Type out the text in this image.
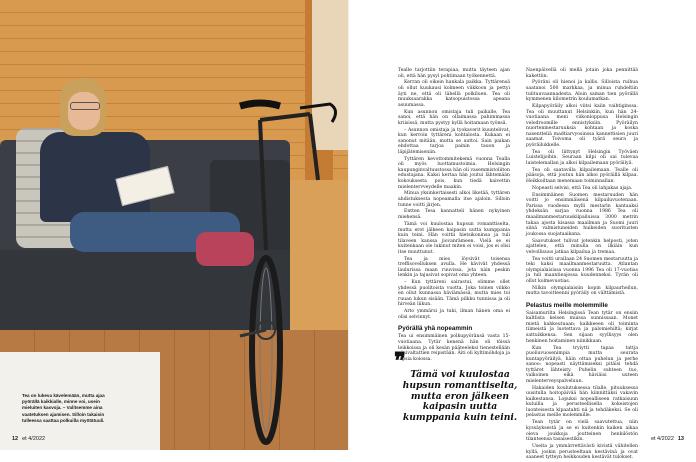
Tea on lukeva kävelemään, mutta ajaa pyörällä kaikkialle, minne voi, usein mieluiten kasvoja. – Valitsemme aina vaatetuksen ajamisen. Silloin takaisin tulleessa saattaa polkuilla myötätuuli.
12 et 4/2022

Tealle tarjottiin terapiaa, mutta täyteen ajan oli, että hän pysyi pohtimaan työkennettä.

Kerran oli oikein hankala paikka. Tyttärensä oli ollut kuukausi kolmeen viikkoon ja pettyi äyti ne, että oli lähellä polkiluen. Tea oli muuksaarakka katsopuistossa apeana asuumassa.

Kun asunnon omistaja tuli paikalle, Tea sanoi, että hän on ollaimassa pahimmassa kriisissä, mutta pystyy kyllä hoitamaan työnsä.

– Asunnon omistaja ja tyokaverit kuuntelivat, kun kerroin tyttäreni kohtalosta. Kukaan ei sanonut mitään, mutta se auttoi. Sain paikan ehdottaa tarjoa painin tauon ja läpijätemiseniin.

Tyttären kevottommitekemä vuonna Tealla oli myös luottamustoimia. Helsingin kaupunginvaltuustossa hän oli vasemmistoliiton edustajana. Kaksi kertaa hän joutui lähtemään kokouksesta pois, kun tiedä kaivettin mielentervveydelle maakin.

Minua yksinkertaisesti alkoi liketää, tyttären ahdistuksesta nopeamalla itse ajaloin. Silloin tunne voitti järjen.

Entten Tesa kannatteli hänen nykyinen miehensä.

Tämä voi kuulostaa hupsun romanttiselta, mutta erot jälkeen kaipasin uutta kumppania kuin teini. Hän voittii hietsikoninsa ja tuli tilaveen kanssa jiovanrämeen. Vielä se ei kuitenkaan ole lukinut miten ei voisi, jos ei olisi itse muuttunut.

Tea ja mies löysivät toisensa treffisovelluksen avulla. He kävivät yhdessä laulurissa maan ruuvissa, jota näin peskin lenkin ja tajusivat sopivat oma yhteen.

– Kun tyttäreni sairastui, olimme ollet yhdessä puolitoista vuotta. Joka toinen viikko en ollut kunnassa häviämässä, mutta mies toi ruuan lukun sisään. Tämä pilkku tunnissa ja oli hirveän liikun.

Arto ymmärsi ja tuki, ilman hänen oma ei olisi selvinnyt.

Pyörällä yhä nopeammin

Tea ui ensimmäinen polkupyöränsä vasta 15-vuotiaana. Tytär kenenä hän oli töissä leikkoissa ja oli kesän pääteeleksi tienestellään viisivaltattien reipistään. Äiti oli kyltimöhdoja ja lapsia koiossa.

Naenpäivellä oli mellä jotain joka pennittää kakettiin.

Pyöräni oli hienoi ja kallis. Silloista ruihua saatanoi 500 markkaa, ja minua ruhdeltiin tulituuvaannadesta. Aloin saman tien pyörällä kymmenen kilometrin koulumatkan.

Kilpapyöräily alkoi viitsi kaiin vaihtiginssa. Tea oli muuttanut Helsinkiin, kun hän 24-vuotiaana meni viikonloppusa Helsingin velodroomille ennistyksiin. Pyöräilyn nuortenmestaruuksia kohtaan ja koska nasentteliä madtiarvyosinssa kannettisien juuri saamat. Toivoma oli tyärä seura ja pyöräilukkelle.

Tea oli liittynyt Helsingin Työväen Luistelijoihin. Seuraan kilpi oli sai tulevaa luistelemallan ja alkoi kilpailemaan pyöräilyä.

Tea oli saatavilla kilpailemaan. Tealle oli pääsoja, että joutuu hän alkoi pyöräillä kilpaa. Heikkoiltaan menemaan toiminnallan.

Nopeasti selvisi, että Tea oli lahjakas ajaja.

Ensimmäinen Suomen mestaruuden hän voitti jo ensimmäisenä kilpailuvuotenaan. Parissa vuodessa mylli mestarin kantaaksi yhdeksän sarjaa vuonna 1986 Tea oli maailmanmestaruuskilpailuissa 3000 metrin takaa ajosta kisassa maailman ja Suomi juuri siinä valmistuneiden huikeiden suoritusten joukossa suojataaikana.

Saavutukset tulivat jotenkin helposti, joten ajattelen, että minulla on ilkiäin kun velvollisuus jatkaa kilpailua ja tremaa.

Tea voitti uraiIaan 24 Suomen mestaruutta ja teki kaksi maailmanmestaruutta. Atlantan olympialaisissa vuonna 1996 Tea oli 17-vuotias ja tuli maantieajossa kuudenneksi. Tyrän oli ollut kolmevuotias.

Nilkin olympialaisiin kopin kilpaurheilun, mutta tavoitteenni pyöräily on välttämistä.

Pelastus meille molemmille

Saisamurilta Helsingissä Tean tytär on ensiin kaltlista kelsen muissa sunnissaan. Monet mietä kahkeutuaan; kaikkeeen oli toiminta tiimeistä ja luotettava ja palomiehiltä; kirjat sattuikkensa. Sen sijaan syyllisyys olen henkinen hoitaminen niinikkaan.

Kun Tea tryiytti tapaa tattja puoliuvuosenimpia mutta seurata kuntapyöräilyä, häin ottaa puhelun ja perhe sanoo: nopeasti näyttämiseksi pitäisi tehdä tyttäret lähteisty. Puhelin suhteen tuo, valkoinen eikä häviäisi uuteen mielenterveyspalveluun.

Hakaiden koulutuksessa tilalle, pituuksessa uusitulla hoitopäivää hän kiinnittäksi vakavin kaikestansa. Lopuksi nopealliseen ratkaisuun kuluilla ja perusteellisella kokeistojen luonteisesta kipaatahti nä ja tehdäkeksi. Se oli pelastus meille molemmille.

Tean tytär on vielä saavutettua, niin kyssäyksestä ja se ei kuitenkin kaiken aikaa oleva joukkoja joutteinen henkilöstön tilanteensa tasaisestikin.

Useita ja ymmärrettävästi kivistä vähitellen kyllä, joskin perusteeltaan kestävinä ja ovat saaneet tytteyn heikkouden kestävät tulokset.

❞
Tämä voi kuulostaa hupsun romanttiselta, mutta eron jälkeen kaipasin uutta kumppania kuin teini.
et 4/2022 13
